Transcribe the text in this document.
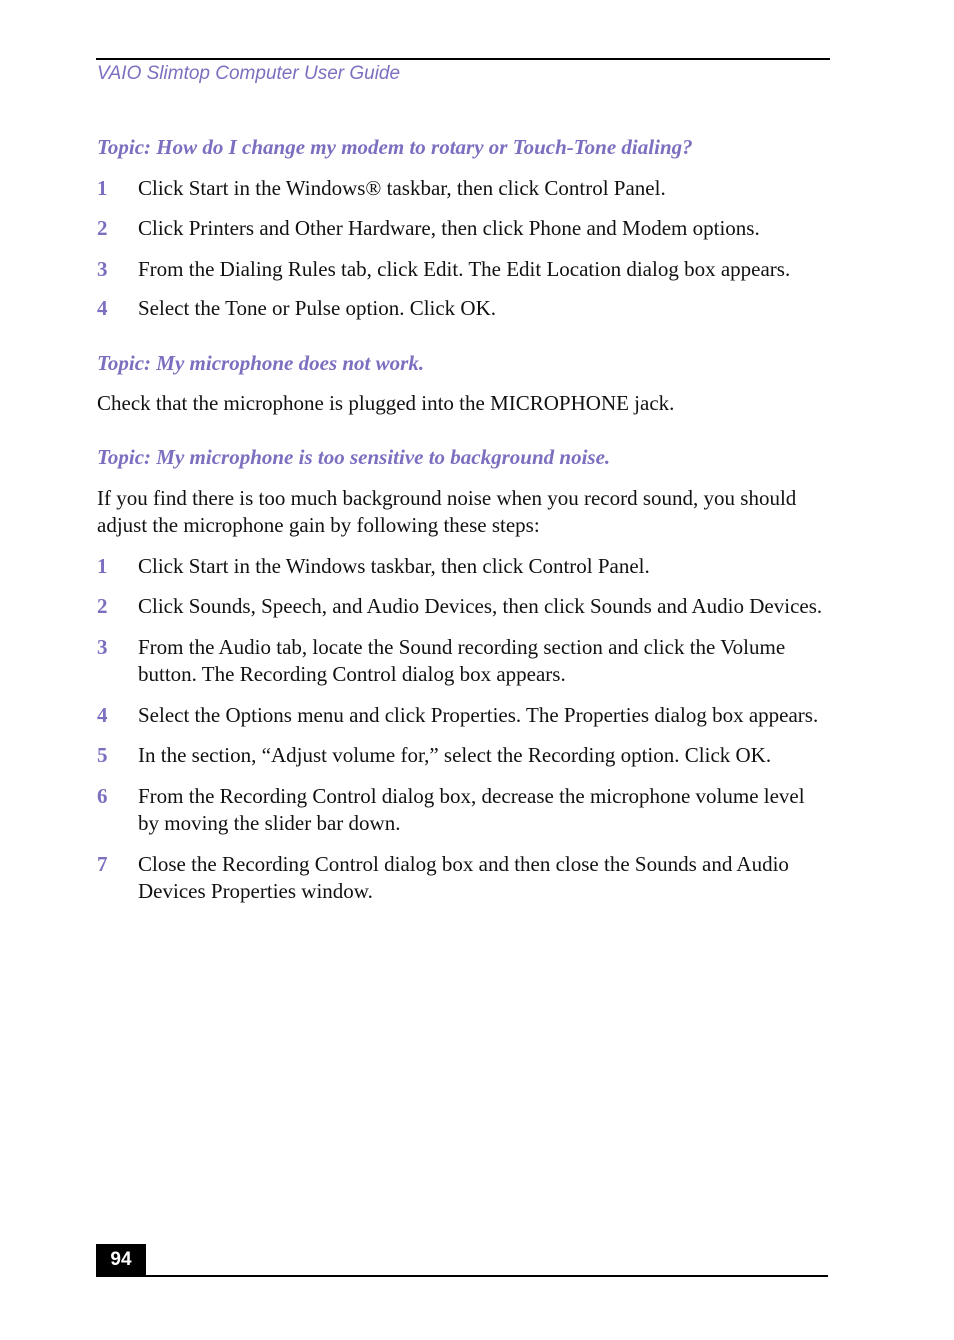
VAIO Slimtop Computer User Guide
Topic: How do I change my modem to rotary or Touch-Tone dialing?
1 Click Start in the Windows® taskbar, then click Control Panel.
2 Click Printers and Other Hardware, then click Phone and Modem options.
3 From the Dialing Rules tab, click Edit. The Edit Location dialog box appears.
4 Select the Tone or Pulse option. Click OK.
Topic: My microphone does not work.

Check that the microphone is plugged into the MICROPHONE jack.

Topic: My microphone is too sensitive to background noise.

If you find there is too much background noise when you record sound, you should adjust the microphone gain by following these steps:

1 Click Start in the Windows taskbar, then click Control Panel.
2 Click Sounds, Speech, and Audio Devices, then click Sounds and Audio Devices.
3 From the Audio tab, locate the Sound recording section and click the Volume button. The Recording Control dialog box appears.
4 Select the Options menu and click Properties. The Properties dialog box appears.
5 In the section, “Adjust volume for,” select the Recording option. Click OK.
6 From the Recording Control dialog box, decrease the microphone volume level by moving the slider bar down.
7 Close the Recording Control dialog box and then close the Sounds and Audio Devices Properties window.
94
